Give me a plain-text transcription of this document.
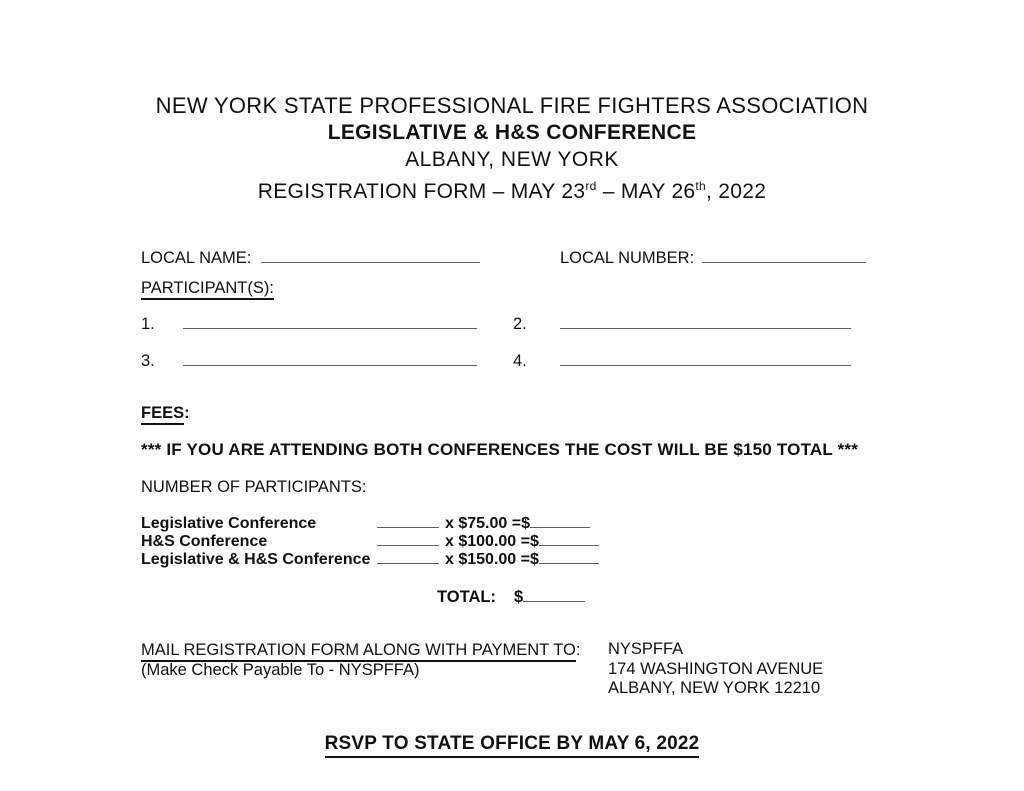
NEW YORK STATE PROFESSIONAL FIRE FIGHTERS ASSOCIATION
LEGISLATIVE & H&S CONFERENCE
ALBANY, NEW YORK
REGISTRATION FORM – MAY 23rd – MAY 26th, 2022
LOCAL NAME:	LOCAL NUMBER:
PARTICIPANT(S):
1.	2.
3.	4.
FEES:
*** IF YOU ARE ATTENDING BOTH CONFERENCES THE COST WILL BE $150 TOTAL ***
NUMBER OF PARTICIPANTS:
Legislative Conference	x $75.00 =$
H&S Conference	x $100.00 =$
Legislative & H&S Conference	x $150.00 =$
TOTAL: $
MAIL REGISTRATION FORM ALONG WITH PAYMENT TO:
(Make Check Payable To - NYSPFFA)
NYSPFFA
174 WASHINGTON AVENUE
ALBANY, NEW YORK 12210
RSVP TO STATE OFFICE BY MAY 6, 2022
